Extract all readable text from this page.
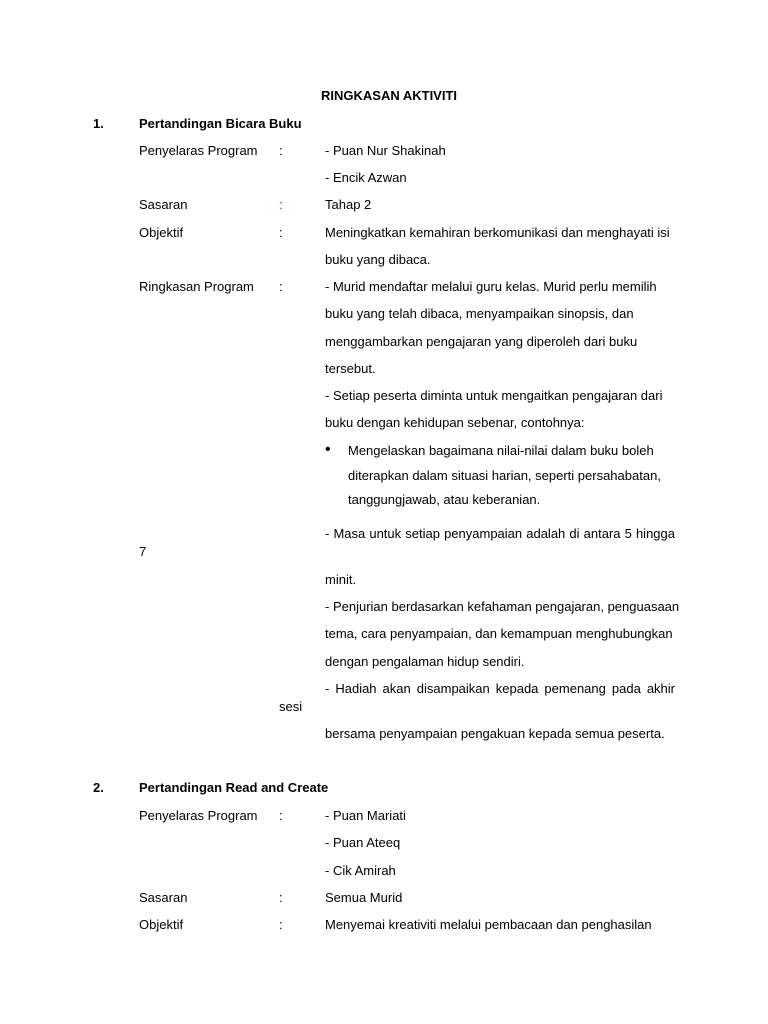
RINGKASAN AKTIVITI
1.	Pertandingan Bicara Buku
Penyelaras Program :	- Puan Nur Shakinah
- Encik Azwan
Sasaran	:	Tahap 2
Objektif	:	Meningkatkan kemahiran berkomunikasi dan menghayati isi
buku yang dibaca.
Ringkasan Program :	- Murid mendaftar melalui guru kelas. Murid perlu memilih
buku yang telah dibaca, menyampaikan sinopsis, dan
menggambarkan pengajaran yang diperoleh dari buku
tersebut.
- Setiap peserta diminta untuk mengaitkan pengajaran dari
buku dengan kehidupan sebenar, contohnya:
• Mengelaskan bagaimana nilai-nilai dalam buku boleh
diterapkan dalam situasi harian, seperti persahabatan,
tanggungjawab, atau keberanian.
- Masa untuk setiap penyampaian adalah di antara 5 hingga
7
minit.
- Penjurian berdasarkan kefahaman pengajaran, penguasaan
tema, cara penyampaian, dan kemampuan menghubungkan
dengan pengalaman hidup sendiri.
- Hadiah akan disampaikan kepada pemenang pada akhir
sesi
bersama penyampaian pengakuan kepada semua peserta.
2.	Pertandingan Read and Create
Penyelaras Program :	- Puan Mariati
- Puan Ateeq
- Cik Amirah
Sasaran	:	Semua Murid
Objektif	:	Menyemai kreativiti melalui pembacaan dan penghasilan
